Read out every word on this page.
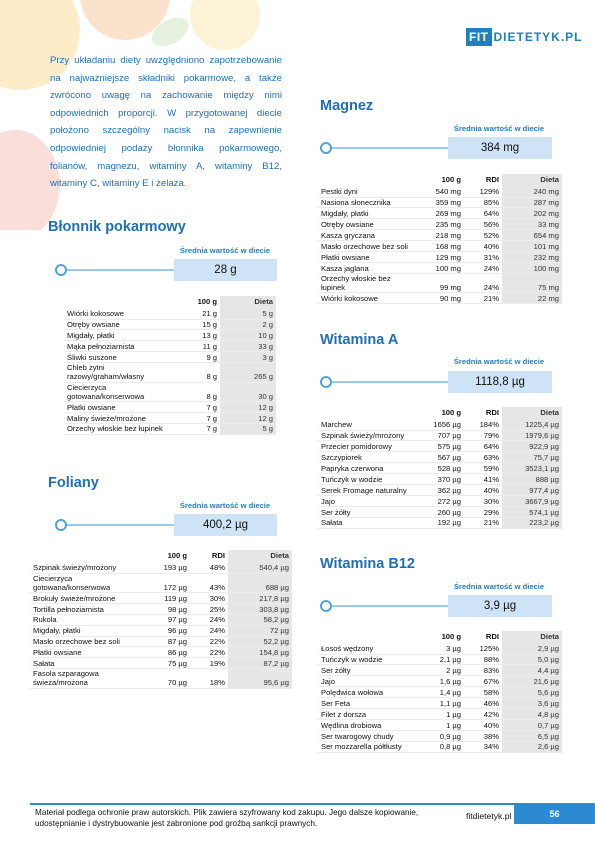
FIT DIETETYK.PL

Przy układaniu diety uwzględniono zapotrzebowanie na najważniejsze składniki pokarmowe, a także zwrócono uwagę na zachowanie między nimi odpowiednich proporcji. W przygotowanej diecie położono szczególny nacisk na zapewnienie odpowiedniej podaży błonnika pokarmowego, folianów, magnezu, witaminy A, witaminy B12, witaminy C, witaminy E i żelaza.

Błonnik pokarmowy
Średnia wartość w diecie
28 g
	100 g	Dieta
Wiórki kokosowe	21 g	5 g
Otręby owsiane	15 g	2 g
Migdały, płatki	13 g	10 g
Mąka pełnoziarnista	11 g	33 g
Śliwki suszone	9 g	3 g
Chleb żytni razowy/graham/własny	8 g	265 g
Ciecierzyca gotowana/konserwowa	8 g	30 g
Płatki owsiane	7 g	12 g
Maliny świeże/mrożone	7 g	12 g
Orzechy włoskie bez łupinek	7 g	5 g
Foliany
Średnia wartość w diecie
400,2 µg
	100 g	RDI	Dieta
Szpinak świeży/mrożony	193 µg	48%	540,4 µg
Ciecierzyca gotowana/konserwowa	172 µg	43%	688 µg
Brokuły świeże/mrożone	119 µg	30%	217,8 µg
Tortilla pełnoziarnista	98 µg	25%	303,8 µg
Rukola	97 µg	24%	58,2 µg
Migdały, płatki	96 µg	24%	72 µg
Masło orzechowe bez soli	87 µg	22%	52,2 µg
Płatki owsiane	86 µg	22%	154,8 µg
Sałata	75 µg	19%	87,2 µg
Fasola szparagowa świeża/mrożona	70 µg	18%	95,6 µg
Magnez
Średnia wartość w diecie
384 mg
	100 g	RDI	Dieta
Pestki dyni	540 mg	129%	240 mg
Nasiona słonecznika	359 mg	85%	287 mg
Migdały, płatki	269 mg	64%	202 mg
Otręby owsiane	235 mg	56%	33 mg
Kasza gryczana	218 mg	52%	654 mg
Masło orzechowe bez soli	168 mg	40%	101 mg
Płatki owsiane	129 mg	31%	232 mg
Kasza jaglana	100 mg	24%	100 mg
Orzechy włoskie bez łupinek	99 mg	24%	75 mg
Wiórki kokosowe	90 mg	21%	22 mg
Witamina A
Średnia wartość w diecie
1118,8 µg
	100 g	RDI	Dieta
Marchew	1656 µg	184%	1225,4 µg
Szpinak świeży/mrożony	707 µg	79%	1979,6 µg
Przecier pomidorowy	575 µg	64%	922,9 µg
Szczypiorek	567 µg	63%	75,7 µg
Papryka czerwona	528 µg	59%	3523,1 µg
Tuńczyk w wodzie	370 µg	41%	888 µg
Serek Fromage naturalny	362 µg	40%	977,4 µg
Jajo	272 µg	30%	3667,9 µg
Ser żółty	260 µg	29%	574,1 µg
Sałata	192 µg	21%	223,2 µg
Witamina B12
Średnia wartość w diecie
3,9 µg
	100 g	RDI	Dieta
Łosoś wędzony	3 µg	125%	2,9 µg
Tuńczyk w wodzie	2,1 µg	88%	5,0 µg
Ser żółty	2 µg	83%	4,4 µg
Jajo	1,6 µg	67%	21,6 µg
Polędwica wołowa	1,4 µg	58%	5,6 µg
Ser Feta	1,1 µg	46%	3,6 µg
Filet z dorsza	1 µg	42%	4,8 µg
Wędlina drobiowa	1 µg	40%	0,7 µg
Ser twarogowy chudy	0,9 µg	38%	6,5 µg
Ser mozzarella półtłusty	0,8 µg	34%	2,6 µg

Materiał podlega ochronie praw autorskich. Plik zawiera szyfrowany kod zakupu. Jego dalsze kopiowanie, udostępnianie i dystrybuowanie jest zabronione pod groźbą sankcji prawnych.

fitdietetyk.pl	56
